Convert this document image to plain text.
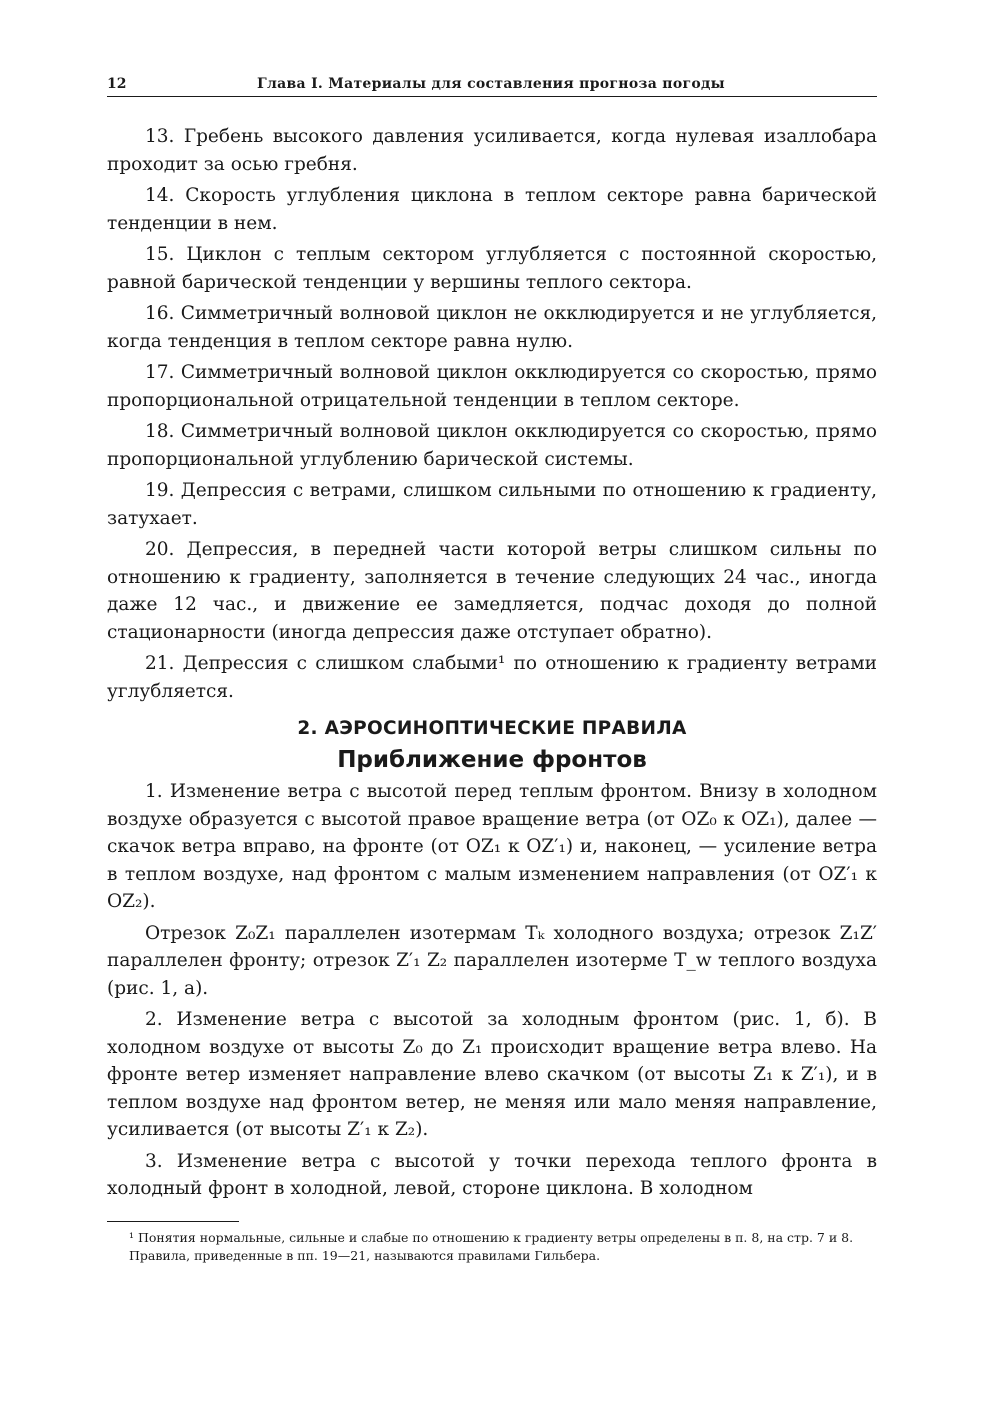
12	Глава I. Материалы для составления прогноза погоды

13. Гребень высокого давления усиливается, когда нулевая изаллобара проходит за осью гребня.

14. Скорость углубления циклона в теплом секторе равна барической тенденции в нем.

15. Циклон с теплым сектором углубляется с постоянной скоростью, равной барической тенденции у вершины теплого сектора.

16. Симметричный волновой циклон не окклюдируется и не углубляется, когда тенденция в теплом секторе равна нулю.

17. Симметричный волновой циклон окклюдируется со скоростью, прямо пропорциональной отрицательной тенденции в теплом секторе.

18. Симметричный волновой циклон окклюдируется со скоростью, прямо пропорциональной углублению барической системы.

19. Депрессия с ветрами, слишком сильными по отношению к градиенту, затухает.

20. Депрессия, в передней части которой ветры слишком сильны по отношению к градиенту, заполняется в течение следующих 24 час., иногда даже 12 час., и движение ее замедляется, подчас доходя до полной стационарности (иногда депрессия даже отступает обратно).

21. Депрессия с слишком слабыми¹ по отношению к градиенту ветрами углубляется.

2. АЭРОСИНОПТИЧЕСКИЕ ПРАВИЛА
Приближение фронтов

1. Изменение ветра с высотой перед теплым фронтом. Внизу в холодном воздухе образуется с высотой правое вращение ветра (от OZ₀ к OZ₁), далее — скачок ветра вправо, на фронте (от OZ₁ к OZ′₁) и, наконец, — усиление ветра в теплом воздухе, над фронтом с малым изменением направления (от OZ′₁ к OZ₂).

Отрезок Z₀Z₁ параллелен изотермам Tₖ холодного воздуха; отрезок Z₁Z′ параллелен фронту; отрезок Z′₁ Z₂ параллелен изотерме T_w теплого воздуха (рис. 1, а).

2. Изменение ветра с высотой за холодным фронтом (рис. 1, б). В холодном воздухе от высоты Z₀ до Z₁ происходит вращение ветра влево. На фронте ветер изменяет направление влево скачком (от высоты Z₁ к Z′₁), и в теплом воздухе над фронтом ветер, не меняя или мало меняя направление, усиливается (от высоты Z′₁ к Z₂).

3. Изменение ветра с высотой у точки перехода теплого фронта в холодный фронт в холодной, левой, стороне циклона. В холодном

¹ Понятия нормальные, сильные и слабые по отношению к градиенту ветры определены в п. 8, на стр. 7 и 8.

Правила, приведенные в пп. 19—21, называются правилами Гильбера.
